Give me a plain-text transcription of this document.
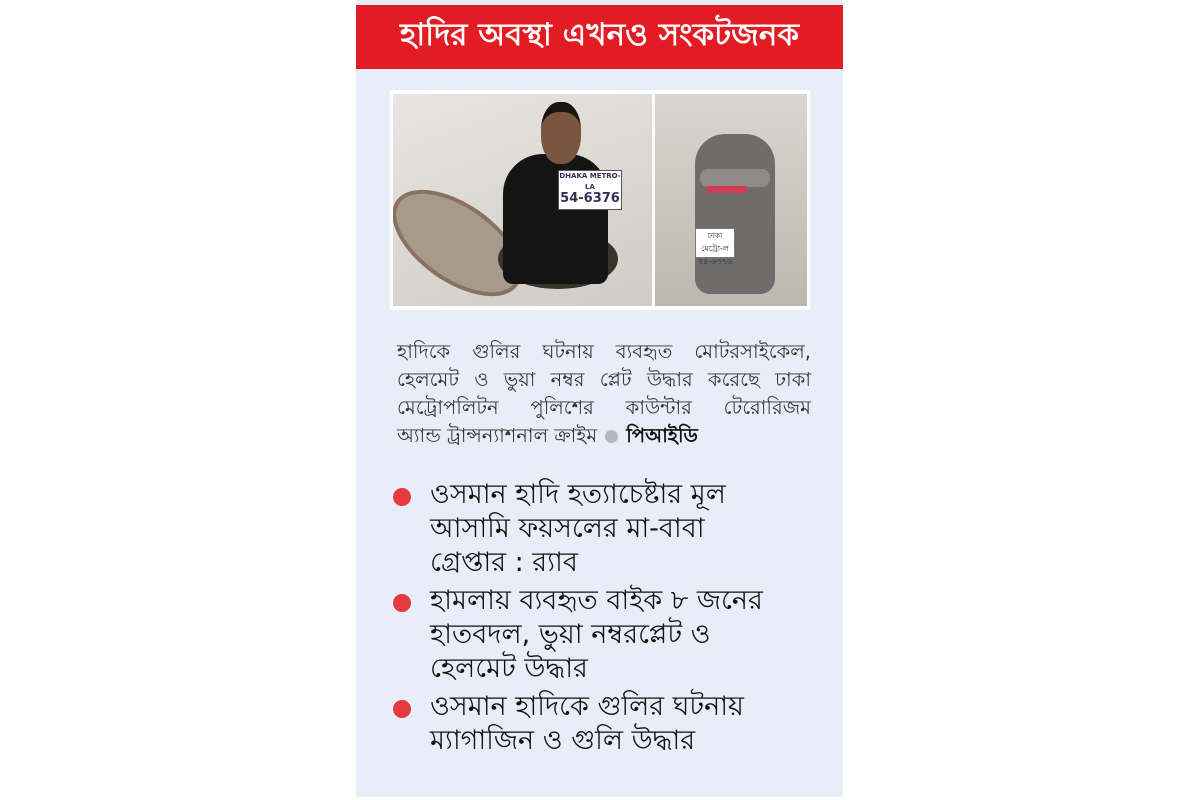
হাদির অবস্থা এখনও সংকটজনক
DHAKA METRO-LA
54-6376
ঢাকা মেট্রো-ল
৫৪-৬৩৭৬
হাদিকে গুলির ঘটনায় ব্যবহৃত মোটরসাইকেল,
হেলমেট ও ভুয়া নম্বর প্লেট উদ্ধার করেছে ঢাকা
মেট্রোপলিটন পুলিশের কাউন্টার টেরোরিজম
অ্যান্ড ট্রান্সন্যাশনাল ক্রাইম পিআইডি
ওসমান হাদি হত্যাচেষ্টার মূল
আসামি ফয়সলের মা-বাবা
গ্রেপ্তার : র‍্যাব
হামলায় ব্যবহৃত বাইক ৮ জনের
হাতবদল, ভুয়া নম্বরপ্লেট ও
হেলমেট উদ্ধার
ওসমান হাদিকে গুলির ঘটনায়
ম্যাগাজিন ও গুলি উদ্ধার
